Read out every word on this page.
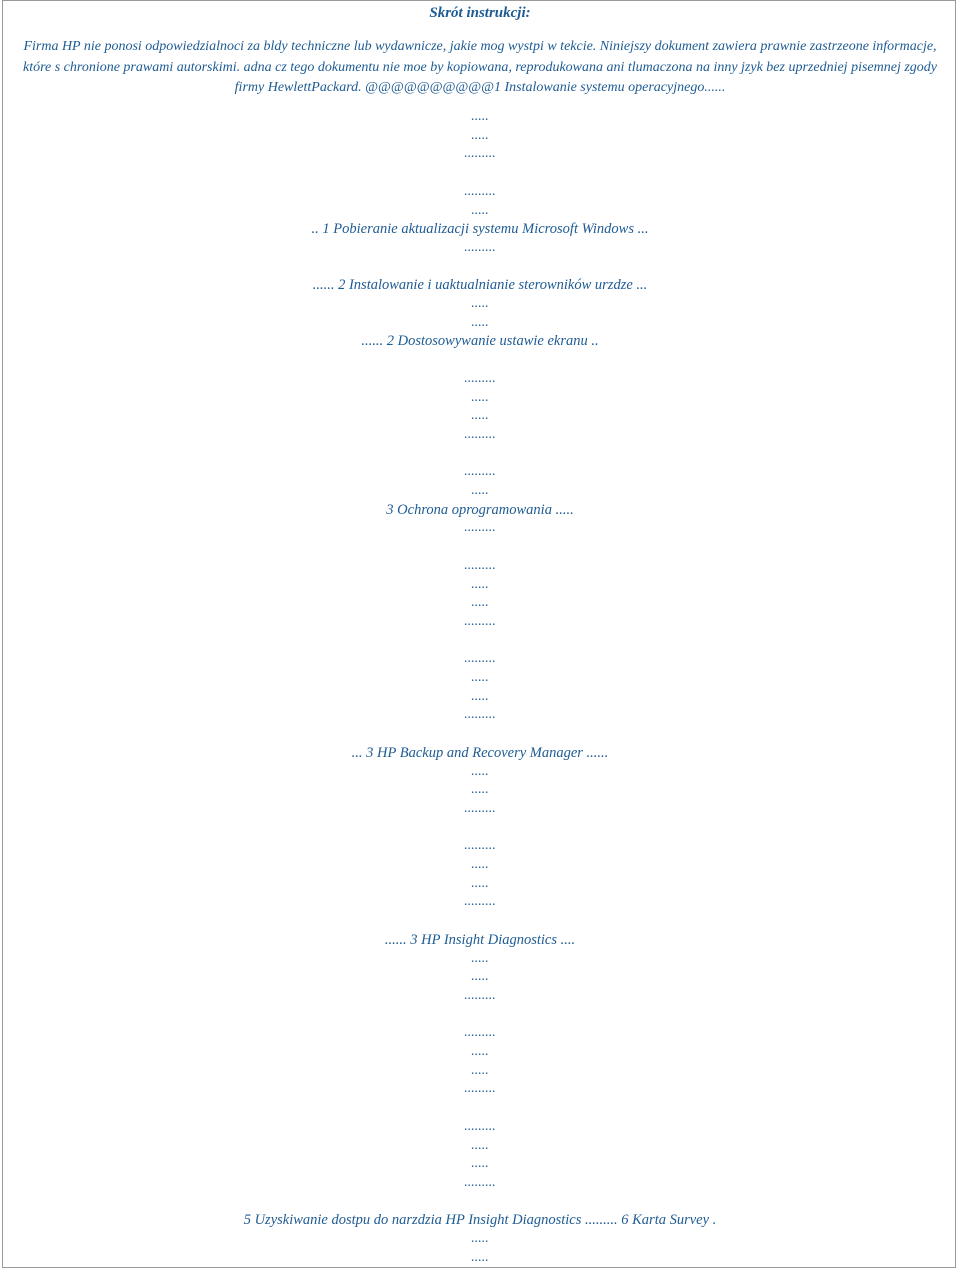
Skrót instrukcji:

Firma HP nie ponosi odpowiedzialnoci za bldy techniczne lub wydawnicze, jakie mog wystpi w tekcie. Niniejszy dokument zawiera prawnie zastrzeone informacje, które s chronione prawami autorskimi. adna cz tego dokumentu nie moe by kopiowana, reprodukowana ani tlumaczona na inny jzyk bez uprzedniej pisemnej zgody firmy HewlettPackard. @@@@@@@@@@1 Instalowanie systemu operacyjnego......

.....
.....
.........
.........
.....
.. 1 Pobieranie aktualizacji systemu Microsoft Windows ...
.........
...... 2 Instalowanie i uaktualnianie sterowników urzdze ...
.....
.....
...... 2 Dostosowywanie ustawie ekranu ..
.........
.....
.....
.........
.........
.....
3 Ochrona oprogramowania .....
.........
.........
.....
.....
.........
.........
.....
.....
.........
... 3 HP Backup and Recovery Manager ......
.....
.....
.........
.........
.....
.....
.........
...... 3 HP Insight Diagnostics ....
.....
.....
.........
.........
.....
.....
.........
.........
.....
.....
.........
5 Uzyskiwanie dostpu do narzdzia HP Insight Diagnostics ......... 6 Karta Survey .
.....
.....
